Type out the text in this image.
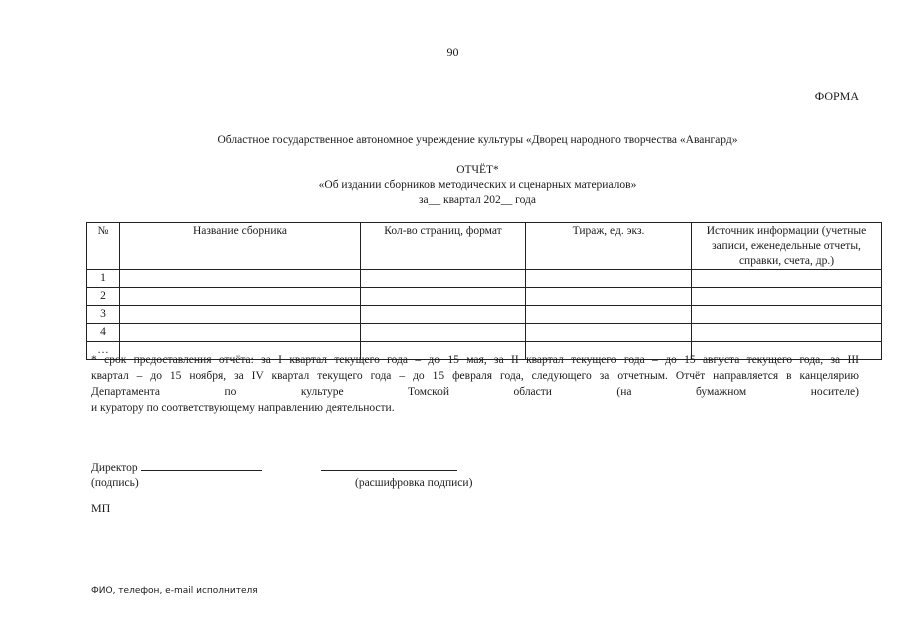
90
ФОРМА
Областное государственное автономное учреждение культуры «Дворец народного творчества «Авангард»
ОТЧЁТ*
«Об издании сборников методических и сценарных материалов»
за__ квартал 202__ года
№	Название сборника	Кол-во страниц, формат	Тираж, ед. экз.	Источник информации (учетные записи, еженедельные отчеты, справки, счета, др.)
1				
2				
3				
4				
…				
* срок предоставления отчёта: за I квартал текущего года – до 15 мая, за II квартал текущего года – до 15 августа текущего года, за III
квартал – до 15 ноября, за IV квартал текущего года – до 15 февраля года, следующего за отчетным. Отчёт направляется в канцелярию
Департамента	по	культуре	Томской	области	(на	бумажном	носителе)
и куратору по соответствующему направлению деятельности.
Директор
(подпись)	(расшифровка подписи)
МП
ФИО, телефон, e-mail исполнителя
